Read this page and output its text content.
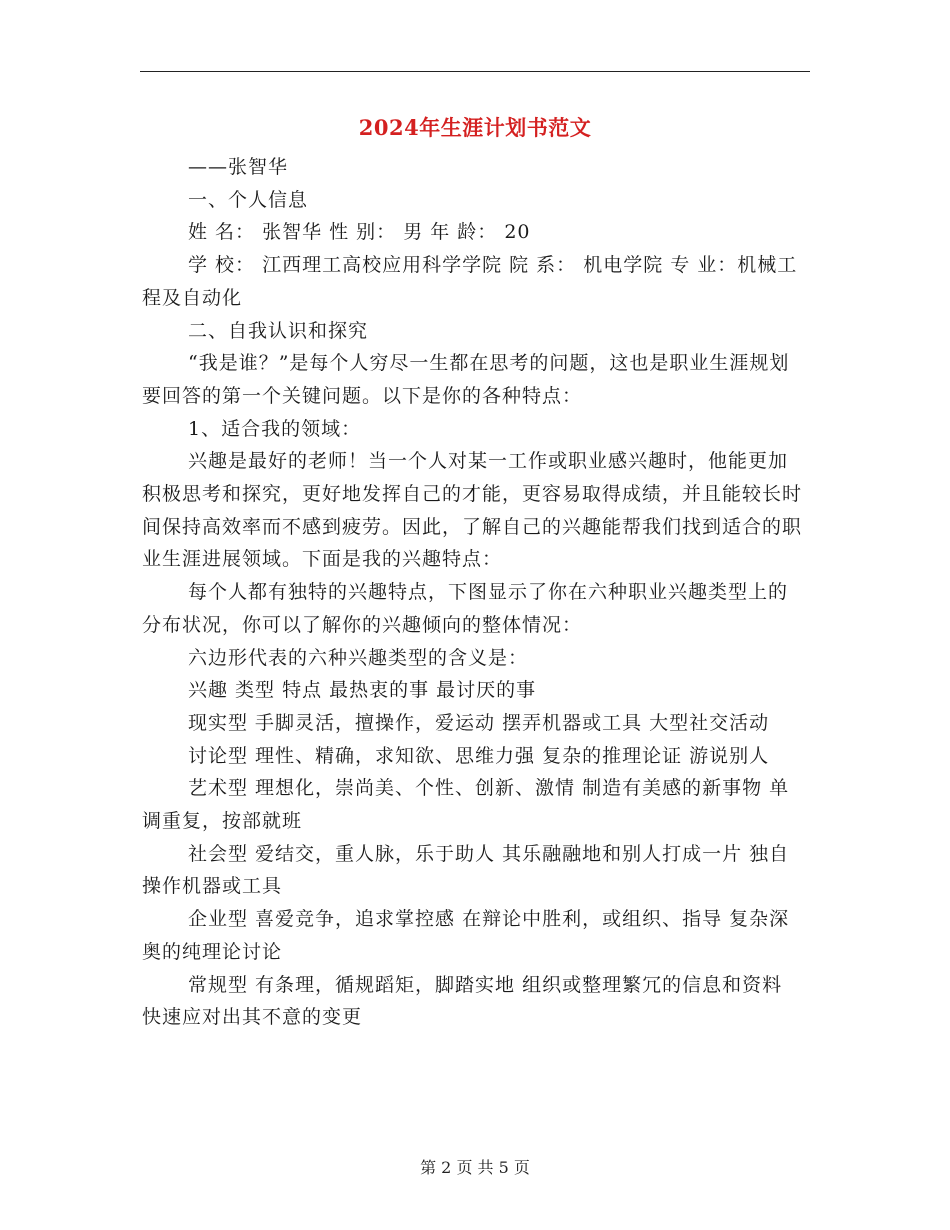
2024年生涯计划书范文

——张智华

一、个人信息

姓 名： 张智华 性 别： 男 年 龄： 20

学 校： 江西理工高校应用科学学院 院 系： 机电学院 专 业：机械工程及自动化

二、自我认识和探究

“我是谁？”是每个人穷尽一生都在思考的问题，这也是职业生涯规划要回答的第一个关键问题。以下是你的各种特点：

1、适合我的领域：

兴趣是最好的老师！当一个人对某一工作或职业感兴趣时，他能更加积极思考和探究，更好地发挥自己的才能，更容易取得成绩，并且能较长时间保持高效率而不感到疲劳。因此，了解自己的兴趣能帮我们找到适合的职业生涯进展领域。下面是我的兴趣特点：

每个人都有独特的兴趣特点，下图显示了你在六种职业兴趣类型上的分布状况，你可以了解你的兴趣倾向的整体情况：

六边形代表的六种兴趣类型的含义是：

兴趣 类型 特点 最热衷的事 最讨厌的事

现实型 手脚灵活，擅操作，爱运动 摆弄机器或工具 大型社交活动

讨论型 理性、精确，求知欲、思维力强 复杂的推理论证 游说别人

艺术型 理想化，崇尚美、个性、创新、激情 制造有美感的新事物 单调重复，按部就班

社会型 爱结交，重人脉，乐于助人 其乐融融地和别人打成一片 独自操作机器或工具

企业型 喜爱竞争，追求掌控感 在辩论中胜利，或组织、指导 复杂深奥的纯理论讨论

常规型 有条理，循规蹈矩，脚踏实地 组织或整理繁冗的信息和资料 快速应对出其不意的变更

第 2 页 共 5 页
